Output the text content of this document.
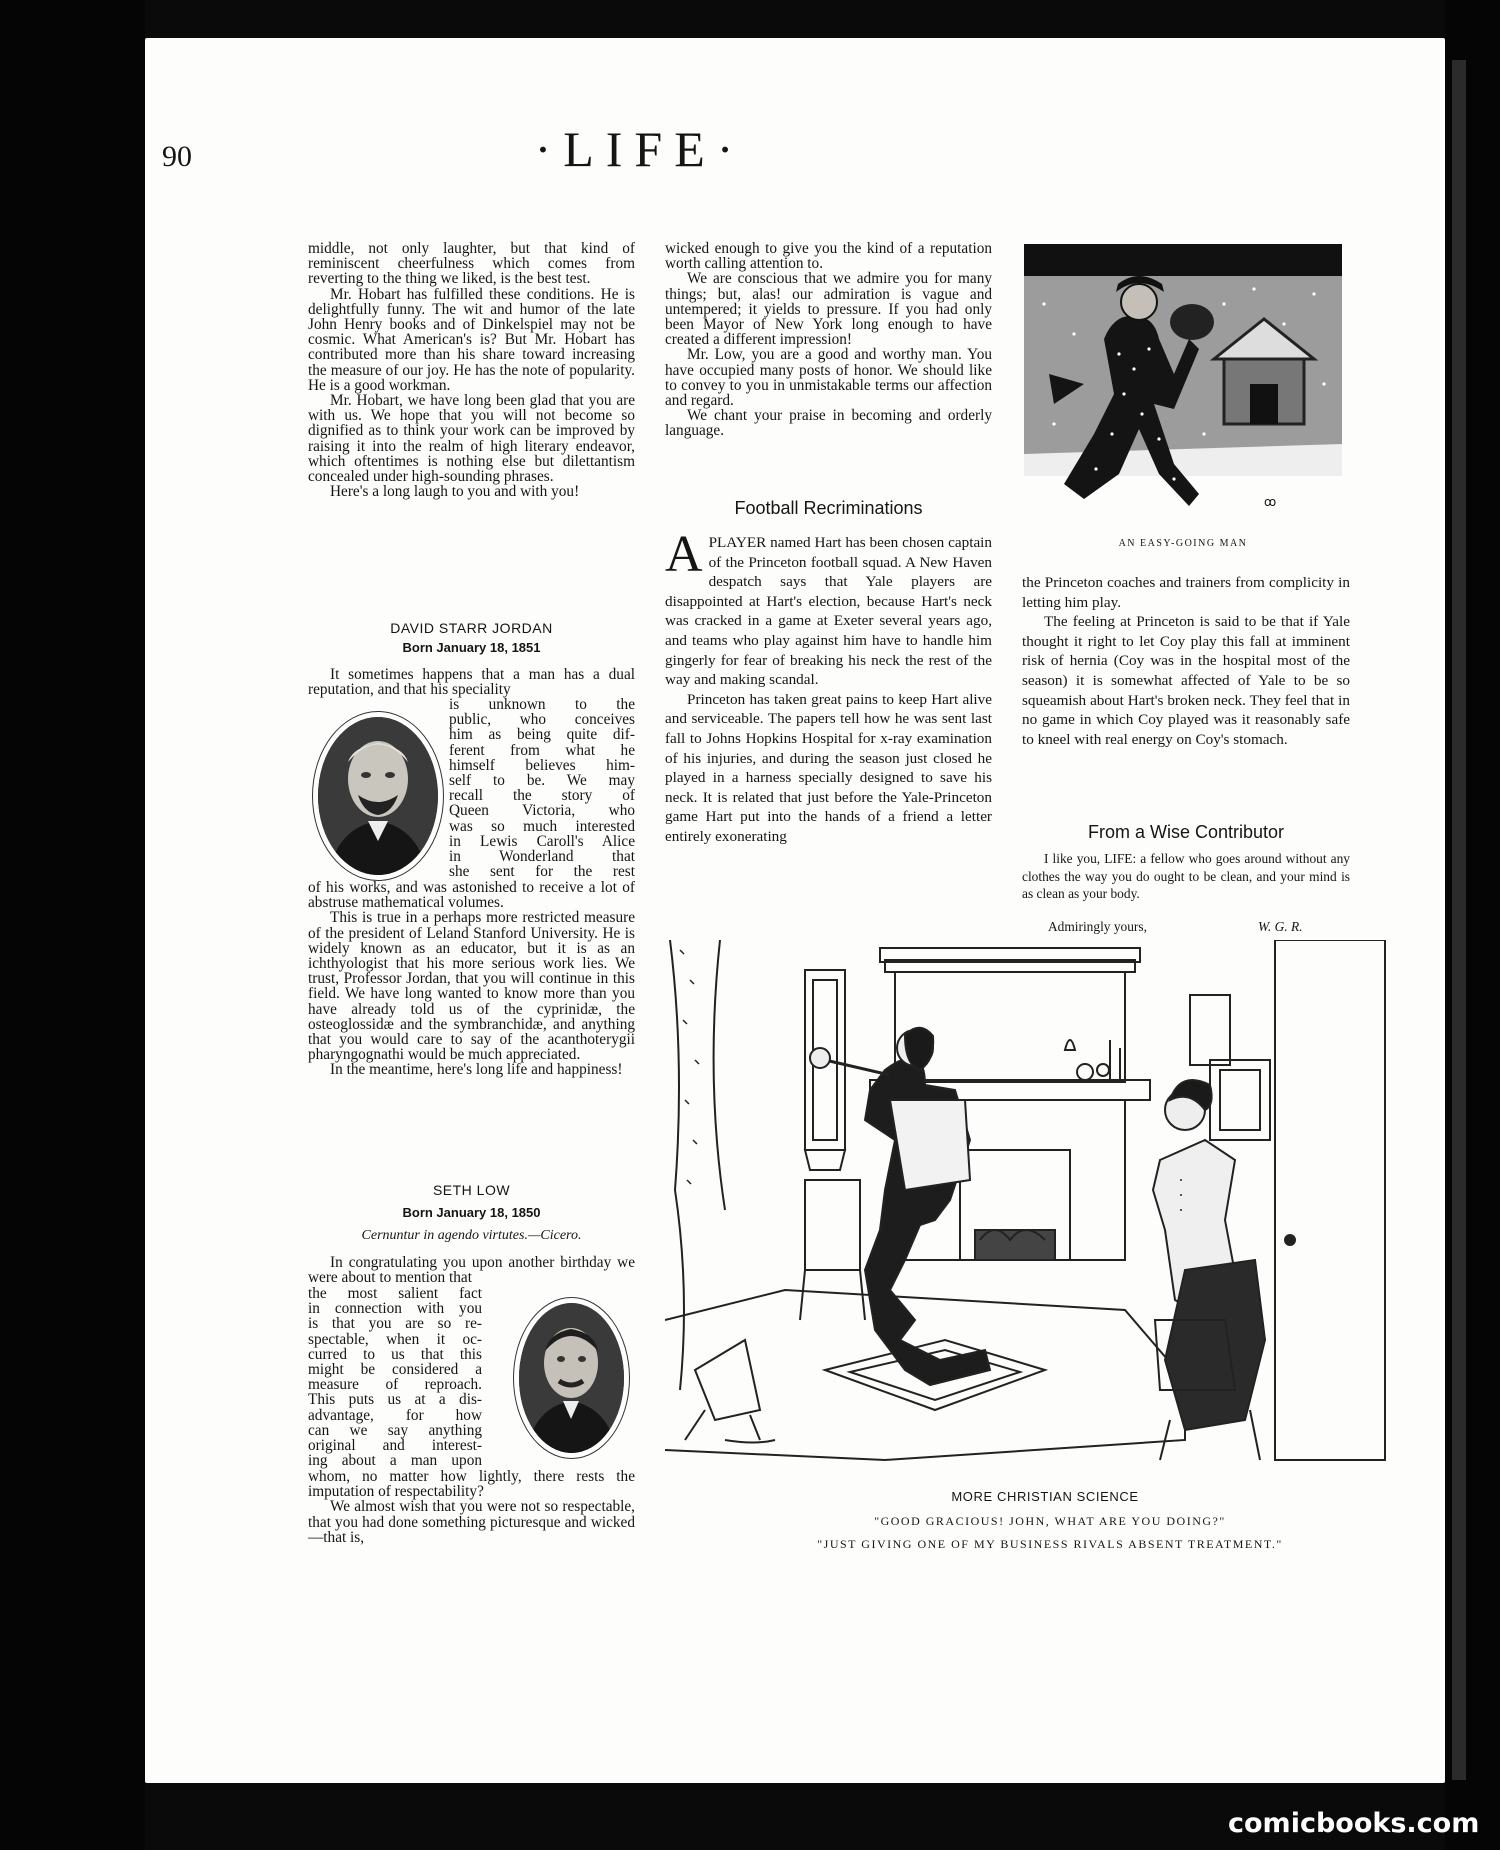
90	·LIFE·

middle, not only laughter, but that kind of reminiscent cheerfulness which comes from reverting to the thing we liked, is the best test.

Mr. Hobart has fulfilled these conditions. He is delightfully funny. The wit and humor of the late John Henry books and of Dinkelspiel may not be cosmic. What American's is? But Mr. Hobart has contributed more than his share toward increasing the measure of our joy. He has the note of popularity. He is a good workman.

Mr. Hobart, we have long been glad that you are with us. We hope that you will not become so dignified as to think your work can be improved by raising it into the realm of high literary endeavor, which oftentimes is nothing else but dilettantism concealed under high-sounding phrases.

Here's a long laugh to you and with you!

DAVID STARR JORDAN
Born January 18, 1851

It sometimes happens that a man has a dual reputation, and that his speciality

is unknown to the

public, who conceives

him as being quite dif-

ferent from what he

himself believes him-

self to be. We may

recall the story of

Queen Victoria, who

was so much interested

in Lewis Caroll's Alice

in Wonderland that

she sent for the rest

of his works, and was astonished to receive a lot of abstruse mathematical volumes.

This is true in a perhaps more restricted measure of the president of Leland Stanford University. He is widely known as an educator, but it is as an ichthyologist that his more serious work lies. We trust, Professor Jordan, that you will continue in this field. We have long wanted to know more than you have already told us of the cyprinidæ, the osteoglossidæ and the symbranchidæ, and anything that you would care to say of the acanthoterygii pharyngognathi would be much appreciated.

In the meantime, here's long life and happiness!

SETH LOW
Born January 18, 1850
Cernuntur in agendo virtutes.—Cicero.

In congratulating you upon another birthday we were about to mention that

the most salient fact

in connection with you

is that you are so re-

spectable, when it oc-

curred to us that this

might be considered a

measure of reproach.

This puts us at a dis-

advantage, for how

can we say anything

original and interest-

ing about a man upon

whom, no matter how lightly, there rests the imputation of respectability?

We almost wish that you were not so respectable, that you had done something picturesque and wicked—that is,

wicked enough to give you the kind of a reputation worth calling attention to.

We are conscious that we admire you for many things; but, alas! our admiration is vague and untempered; it yields to pressure. If you had only been Mayor of New York long enough to have created a different impression!

Mr. Low, you are a good and worthy man. You have occupied many posts of honor. We should like to convey to you in unmistakable terms our affection and regard.

We chant your praise in becoming and orderly language.

Football Recriminations

APLAYER named Hart has been chosen captain of the Princeton football squad. A New Haven despatch says that Yale players are disappointed at Hart's election, because Hart's neck was cracked in a game at Exeter several years ago, and teams who play against him have to handle him gingerly for fear of breaking his neck the rest of the way and making scandal.

Princeton has taken great pains to keep Hart alive and serviceable. The papers tell how he was sent last fall to Johns Hopkins Hospital for x-ray examination of his injuries, and during the season just closed he played in a harness specially designed to save his neck. It is related that just before the Yale-Princeton game Hart put into the hands of a friend a letter entirely exonerating

the Princeton coaches and trainers from complicity in letting him play.

The feeling at Princeton is said to be that if Yale thought it right to let Coy play this fall at imminent risk of hernia (Coy was in the hospital most of the season) it is somewhat affected of Yale to be so squeamish about Hart's broken neck. They feel that in no game in which Coy played was it reasonably safe to kneel with real energy on Coy's stomach.

ꝏ
AN EASY-GOING MAN
From a Wise Contributor

I like you, LIFE: a fellow who goes around without any clothes the way you do ought to be clean, and your mind is as clean as your body.

Admiringly yours,	W. G. R.
MORE CHRISTIAN SCIENCE
"GOOD GRACIOUS! JOHN, WHAT ARE YOU DOING?"
"JUST GIVING ONE OF MY BUSINESS RIVALS ABSENT TREATMENT."
comicbooks.com
